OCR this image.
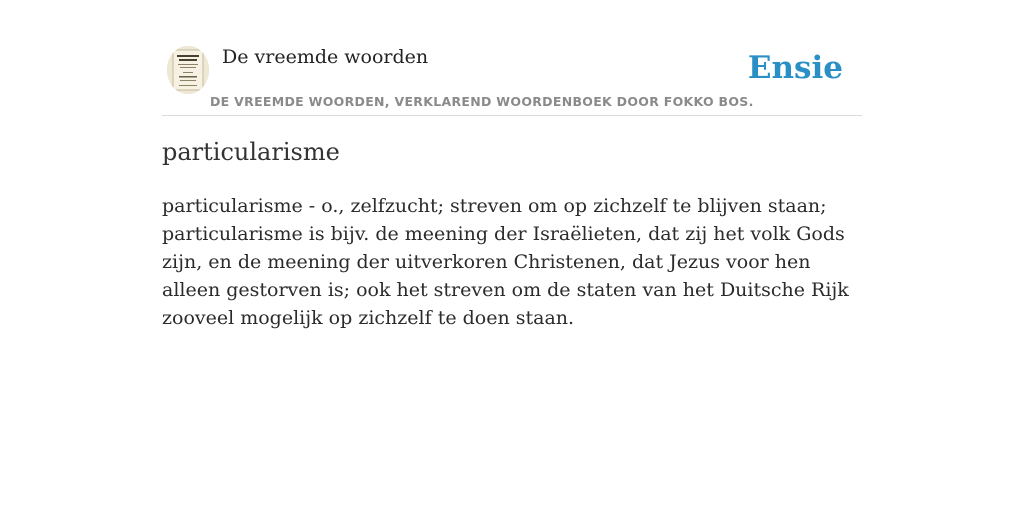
De vreemde woorden
DE VREEMDE WOORDEN, VERKLAREND WOORDENBOEK DOOR FOKKO BOS.
Ensie
particularisme

particularisme - o., zelfzucht; streven om op zichzelf te blijven staan; particularisme is bijv. de meening der Israëlieten, dat zij het volk Gods zijn, en de meening der uitverkoren Christenen, dat Jezus voor hen alleen gestorven is; ook het streven om de staten van het Duitsche Rijk zooveel mogelijk op zichzelf te doen staan.
